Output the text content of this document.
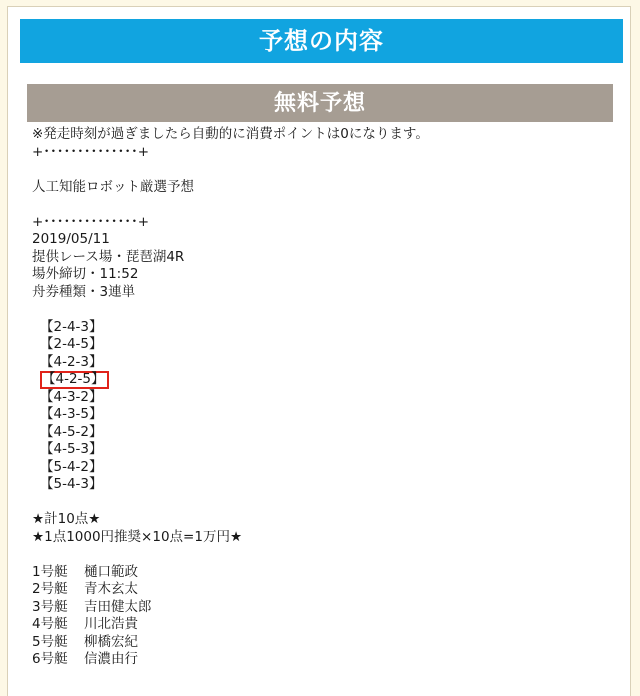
予想の内容
無料予想
※発走時刻が過ぎましたら自動的に消費ポイントは0になります。
+･･････････････+
人工知能ロボット厳選予想
+･･････････････+
2019/05/11
提供レース場・琵琶湖4R
場外締切・11:52
舟券種類・3連単
【2-4-3】
【2-4-5】
【4-2-3】
【4-2-5】
【4-3-2】
【4-3-5】
【4-5-2】
【4-5-3】
【5-4-2】
【5-4-3】
★計10点★
★1点1000円推奨×10点=1万円★
1号艇 樋口範政
2号艇 青木玄太
3号艇 吉田健太郎
4号艇 川北浩貴
5号艇 柳橋宏紀
6号艇 信濃由行
